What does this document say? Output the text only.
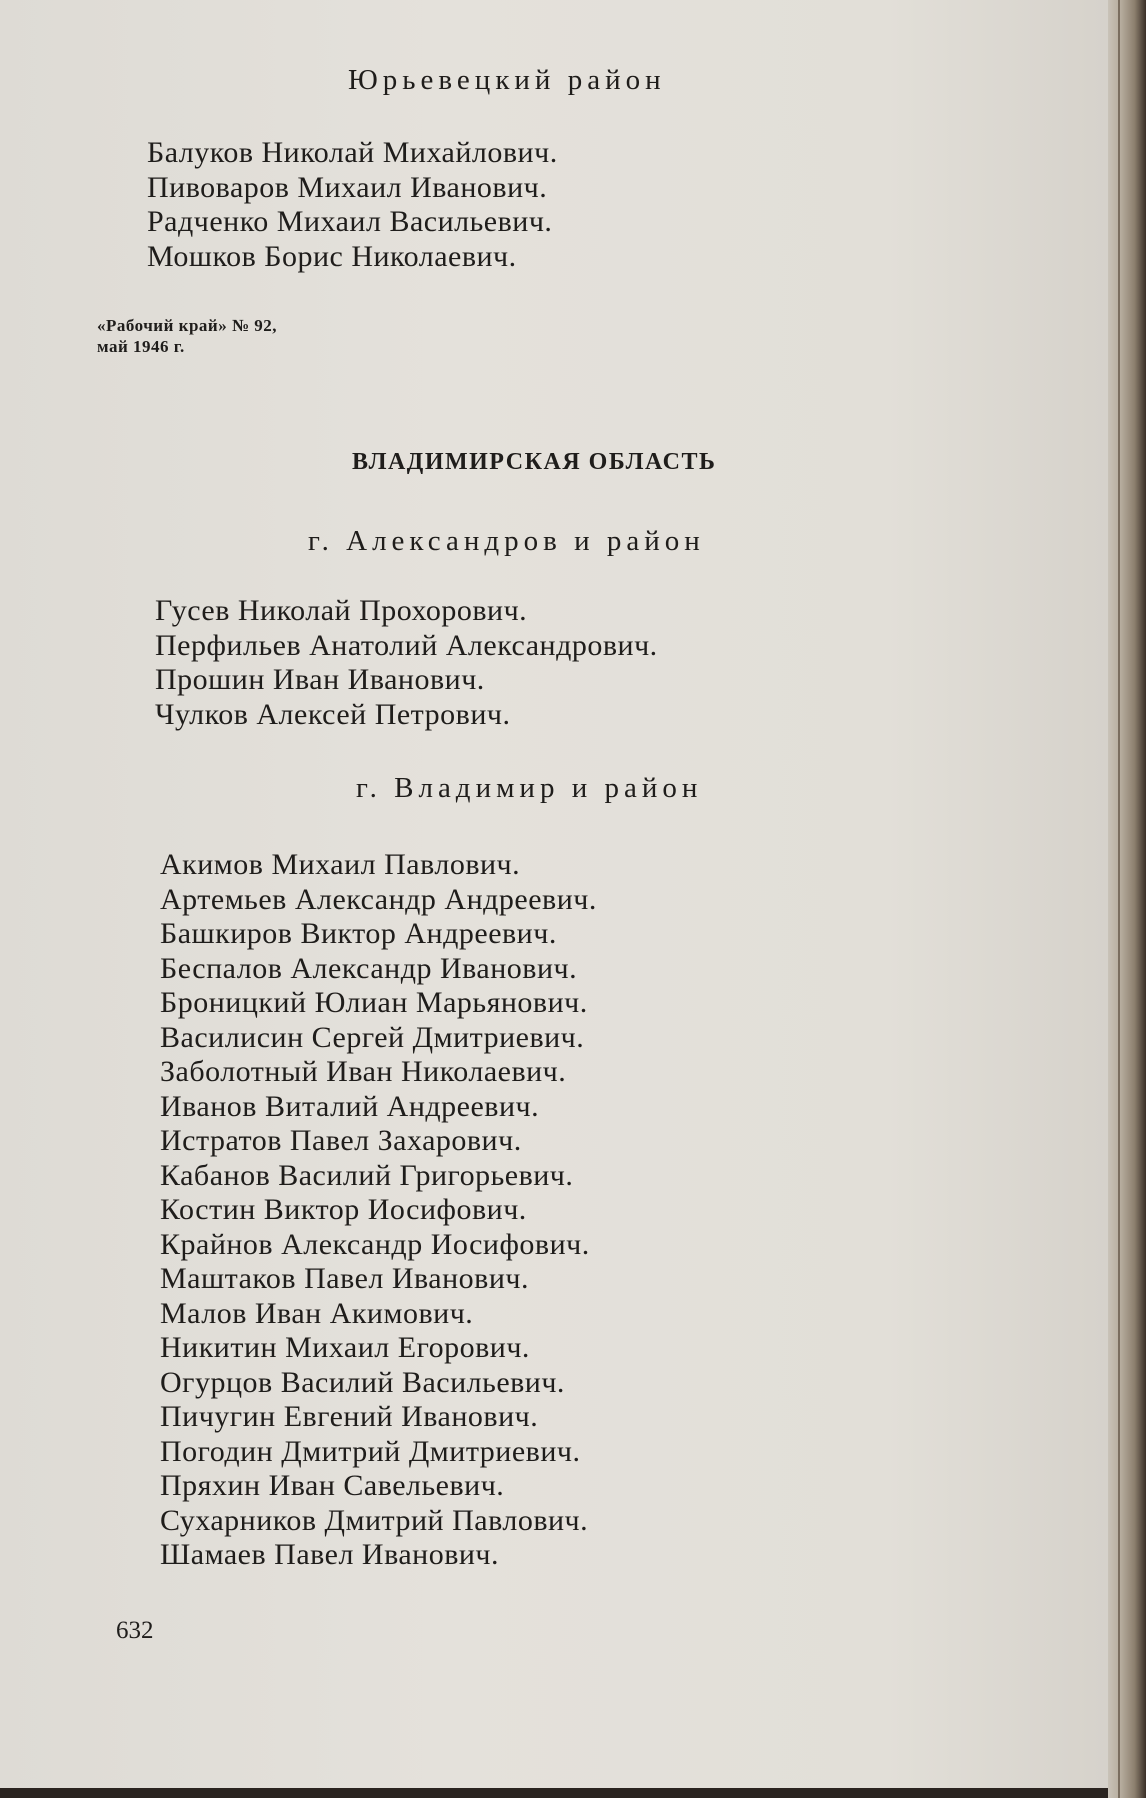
Юрьевецкий район
Балуков Николай Михайлович.
Пивоваров Михаил Иванович.
Радченко Михаил Васильевич.
Мошков Борис Николаевич.
«Рабочий край» № 92,
май 1946 г.
ВЛАДИМИРСКАЯ ОБЛАСТЬ
г. Александров и район
Гусев Николай Прохорович.
Перфильев Анатолий Александрович.
Прошин Иван Иванович.
Чулков Алексей Петрович.
г. Владимир и район
Акимов Михаил Павлович.
Артемьев Александр Андреевич.
Башкиров Виктор Андреевич.
Беспалов Александр Иванович.
Броницкий Юлиан Марьянович.
Василисин Сергей Дмитриевич.
Заболотный Иван Николаевич.
Иванов Виталий Андреевич.
Истратов Павел Захарович.
Кабанов Василий Григорьевич.
Костин Виктор Иосифович.
Крайнов Александр Иосифович.
Маштаков Павел Иванович.
Малов Иван Акимович.
Никитин Михаил Егорович.
Огурцов Василий Васильевич.
Пичугин Евгений Иванович.
Погодин Дмитрий Дмитриевич.
Пряхин Иван Савельевич.
Сухарников Дмитрий Павлович.
Шамаев Павел Иванович.
632
